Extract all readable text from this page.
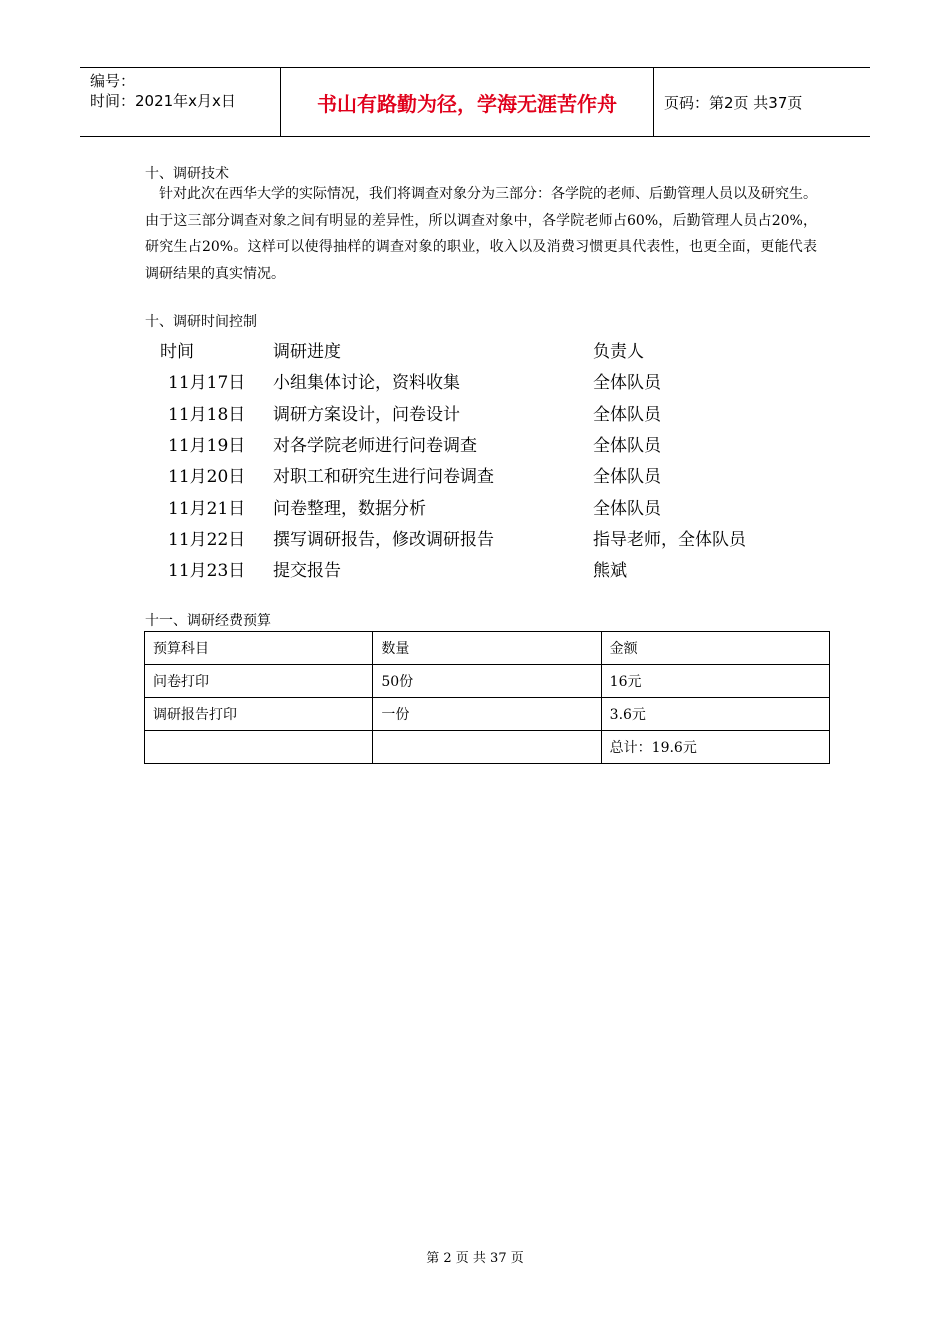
编号：
时间：2021年x月x日	书山有路勤为径，学海无涯苦作舟	页码：第2页 共37页
十、调研技术

针对此次在西华大学的实际情况，我们将调查对象分为三部分：各学院的老师、后勤管理人员以及研究生。由于这三部分调查对象之间有明显的差异性，所以调查对象中，各学院老师占60%，后勤管理人员占20%，研究生占20%。这样可以使得抽样的调查对象的职业，收入以及消费习惯更具代表性，也更全面，更能代表调研结果的真实情况。

十、调研时间控制
时间	调研进度	负责人
11月17日	小组集体讨论，资料收集	全体队员
11月18日	调研方案设计，问卷设计	全体队员
11月19日	对各学院老师进行问卷调查	全体队员
11月20日	对职工和研究生进行问卷调查	全体队员
11月21日	问卷整理，数据分析	全体队员
11月22日	撰写调研报告，修改调研报告	指导老师，全体队员
11月23日	提交报告	熊斌
十一、调研经费预算
预算科目	数量	金额
问卷打印	50份	16元
调研报告打印	一份	3.6元
		总计：19.6元
第 2 页 共 37 页
